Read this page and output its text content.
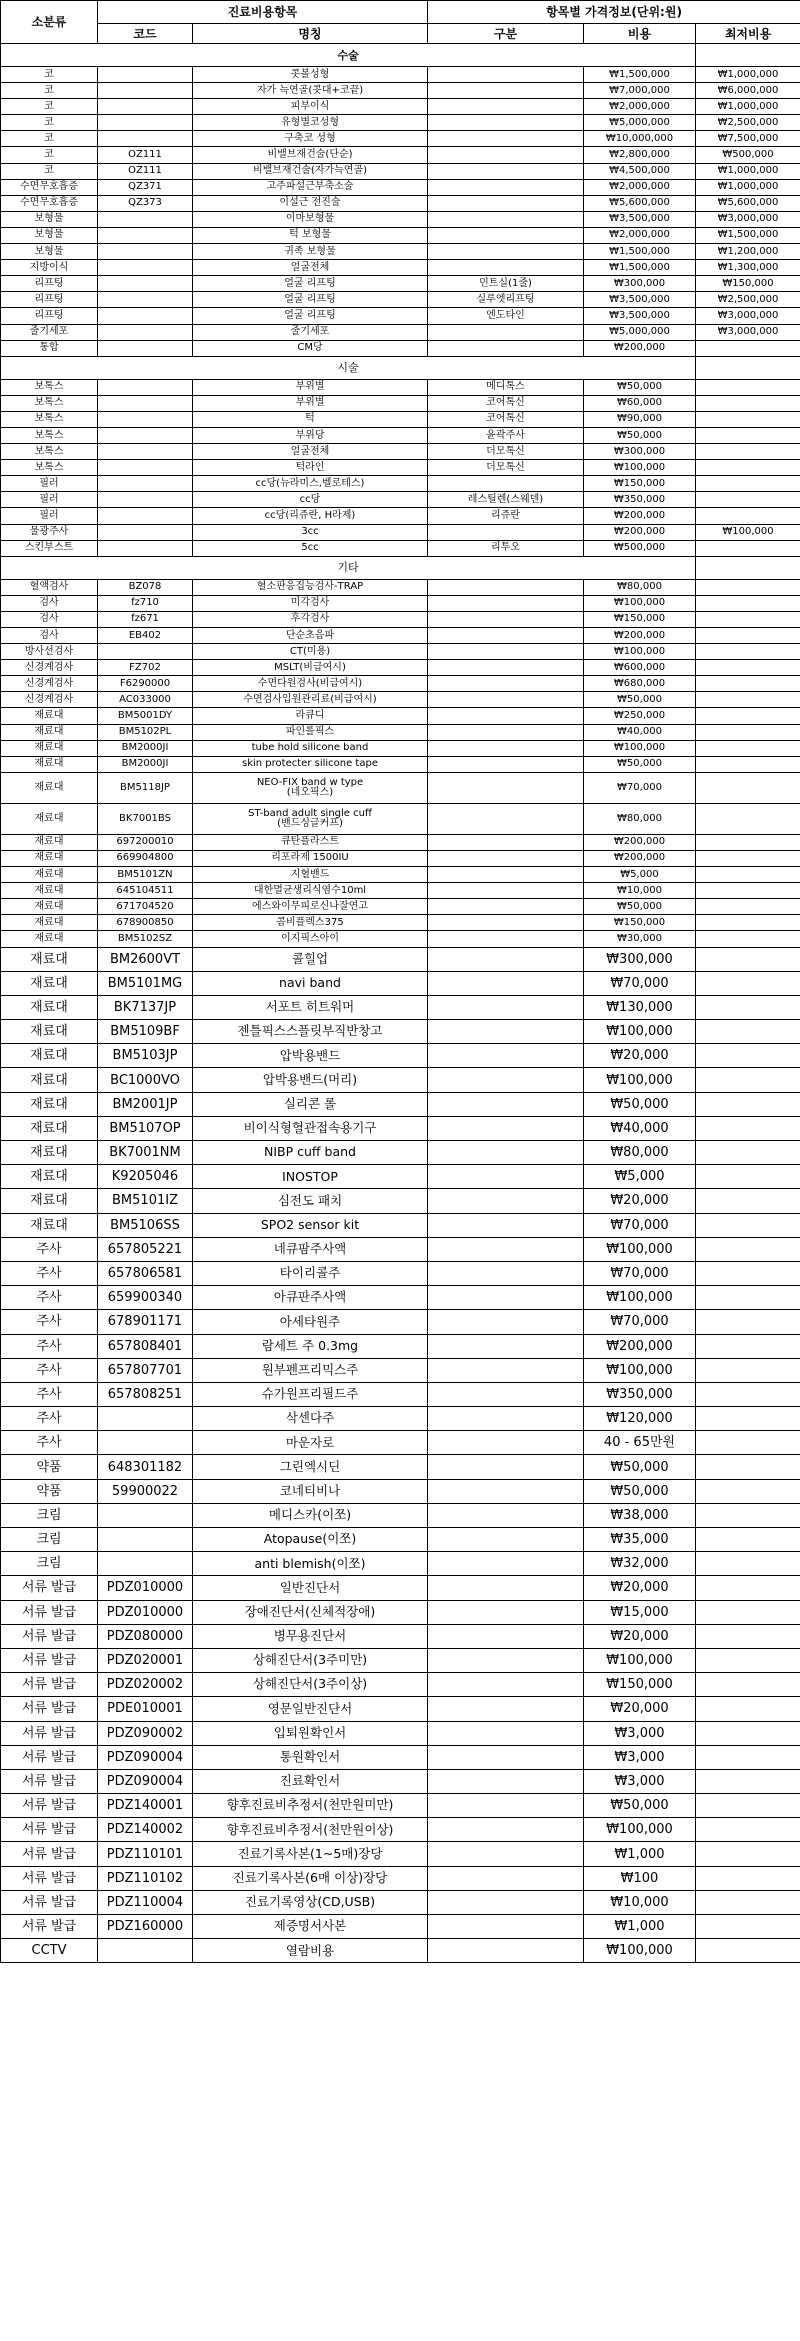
소분류	진료비용항목		항목별 가격정보(단위:원)		
	코드	명칭	구분	비용	최저비용
수술					
코		콧볼성형		₩1,500,000	₩1,000,000
코		자가 늑연골(콧대+코끝)		₩7,000,000	₩6,000,000
코		피부이식		₩2,000,000	₩1,000,000
코		유형별코성형		₩5,000,000	₩2,500,000
코		구축코 성형		₩10,000,000	₩7,500,000
코	OZ111	비밸브재건술(단순)		₩2,800,000	₩500,000
코	OZ111	비밸브재건술(자가늑연골)		₩4,500,000	₩1,000,000
수면무호흡증	QZ371	고주파설근부축소술		₩2,000,000	₩1,000,000
수면무호흡증	QZ373	이설근 전진술		₩5,600,000	₩5,600,000
보형물		이마보형물		₩3,500,000	₩3,000,000
보형물		턱 보형물		₩2,000,000	₩1,500,000
보형물		귀족 보형물		₩1,500,000	₩1,200,000
지방이식		얼굴전체		₩1,500,000	₩1,300,000
리프팅		얼굴 리프팅	민트실(1줄)	₩300,000	₩150,000
리프팅		얼굴 리프팅	실루엣리프팅	₩3,500,000	₩2,500,000
리프팅		얼굴 리프팅	엔도타인	₩3,500,000	₩3,000,000
줄기세포		줄기세포		₩5,000,000	₩3,000,000
통합		CM당		₩200,000	
시술					
보톡스		부위별	메디톡스	₩50,000	
보톡스		부위별	코어톡신	₩60,000	
보톡스		턱	코어톡신	₩90,000	
보톡스		부위당	윤곽주사	₩50,000	
보톡스		얼굴전체	더모톡신	₩300,000	
보톡스		턱라인	더모톡신	₩100,000	
필러		cc당(뉴라미스,벨로테스)		₩150,000	
필러		cc당	레스틸렌(스웨덴)	₩350,000	
필러		cc당(리쥬란, H라제)	리쥬란	₩200,000	
물광주사		3cc		₩200,000	₩100,000
스킨부스트		5cc	리투오	₩500,000	
기타					
혈액검사	BZ078	혈소판응집능검사-TRAP		₩80,000	
검사	fz710	미각검사		₩100,000	
검사	fz671	후각검사		₩150,000	
검사	EB402	단순초음파		₩200,000	
방사선검사		CT(미용)		₩100,000	
신경계검사	FZ702	MSLT(비급여시)		₩600,000	
신경계검사	F6290000	수면다원검사(비급여시)		₩680,000	
신경계검사	AC033000	수면검사입원관리료(비급여시)		₩50,000	
재료대	BM5001DY	라큐디		₩250,000	
재료대	BM5102PL	파인롤픽스		₩40,000	
재료대	BM2000JI	tube hold silicone band		₩100,000	
재료대	BM2000JI	skin protecter silicone tape		₩50,000	
재료대	BM5118JP	NEO-FIX band w type
(네오픽스)		₩70,000	
재료대	BK7001BS	ST-band adult single cuff
(밴드싱글커프)		₩80,000	
재료대	697200010	큐탄플라스트		₩200,000	
재료대	669904800	리포라제 1500IU		₩200,000	
재료대	BM5101ZN	지혈밴드		₩5,000	
재료대	645104511	대한멸균생리식염수10ml		₩10,000	
재료대	671704520	에스와이무피로신나잘연고		₩50,000	
재료대	678900850	콤비플렉스375		₩150,000	
재료대	BM5102SZ	이지픽스아이		₩30,000	
재료대	BM2600VT	콜힐업		₩300,000	
재료대	BM5101MG	navi band		₩70,000	
재료대	BK7137JP	서포트 히트워머		₩130,000	
재료대	BM5109BF	젠틀픽스스플릿부직반창고		₩100,000	
재료대	BM5103JP	압박용밴드		₩20,000	
재료대	BC1000VO	압박용밴드(머리)		₩100,000	
재료대	BM2001JP	실리콘 롤		₩50,000	
재료대	BM5107OP	비이식형혈관접속용기구		₩40,000	
재료대	BK7001NM	NIBP cuff band		₩80,000	
재료대	K9205046	INOSTOP		₩5,000	
재료대	BM5101IZ	심전도 패치		₩20,000	
재료대	BM5106SS	SPO2 sensor kit		₩70,000	
주사	657805221	네큐팜주사액		₩100,000	
주사	657806581	타이리콜주		₩70,000	
주사	659900340	아큐판주사액		₩100,000	
주사	678901171	아세타원주		₩70,000	
주사	657808401	람세트 주 0.3mg		₩200,000	
주사	657807701	원부펜프리믹스주		₩100,000	
주사	657808251	슈가원프리필드주		₩350,000	
주사		삭센다주		₩120,000	
주사		마운자로		40 - 65만원	
약품	648301182	그린엑시딘		₩50,000	
약품	59900022	코네티비나		₩50,000	
크림		메디스카(이쪼)		₩38,000	
크림		Atopause(이쪼)		₩35,000	
크림		anti blemish(이쪼)		₩32,000	
서류 발급	PDZ010000	일반진단서		₩20,000	
서류 발급	PDZ010000	장애진단서(신체적장애)		₩15,000	
서류 발급	PDZ080000	병무용진단서		₩20,000	
서류 발급	PDZ020001	상해진단서(3주미만)		₩100,000	
서류 발급	PDZ020002	상해진단서(3주이상)		₩150,000	
서류 발급	PDE010001	영문일반진단서		₩20,000	
서류 발급	PDZ090002	입퇴원확인서		₩3,000	
서류 발급	PDZ090004	통원확인서		₩3,000	
서류 발급	PDZ090004	진료확인서		₩3,000	
서류 발급	PDZ140001	향후진료비추정서(천만원미만)		₩50,000	
서류 발급	PDZ140002	향후진료비추정서(천만원이상)		₩100,000	
서류 발급	PDZ110101	진료기록사본(1~5매)장당		₩1,000	
서류 발급	PDZ110102	진료기록사본(6매 이상)장당		₩100	
서류 발급	PDZ110004	진료기록영상(CD,USB)		₩10,000	
서류 발급	PDZ160000	제증명서사본		₩1,000	
CCTV		열람비용		₩100,000	
